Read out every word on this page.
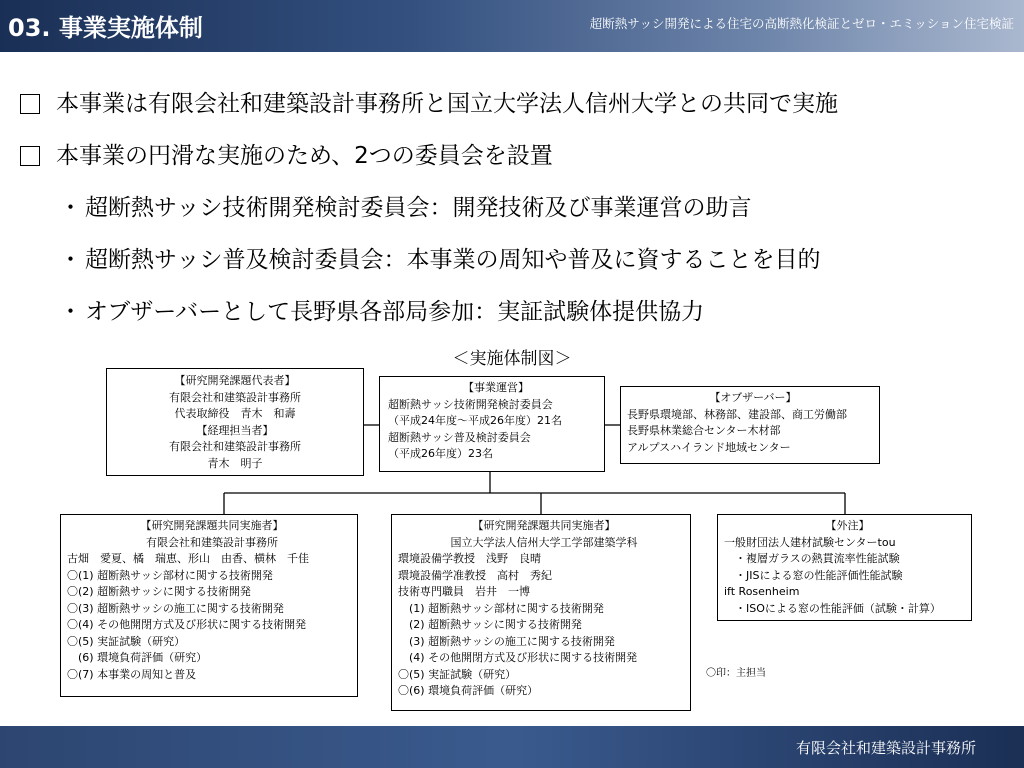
03. 事業実施体制	超断熱サッシ開発による住宅の高断熱化検証とゼロ・エミッション住宅検証
本事業は有限会社和建築設計事務所と国立大学法人信州大学との共同で実施
本事業の円滑な実施のため、2つの委員会を設置
・ 超断熱サッシ技術開発検討委員会：開発技術及び事業運営の助言
・ 超断熱サッシ普及検討委員会：本事業の周知や普及に資することを目的
・ オブザーバーとして長野県各部局参加：実証試験体提供協力
＜実施体制図＞
【研究開発課題代表者】
有限会社和建築設計事務所
代表取締役　青木　和壽
【経理担当者】
有限会社和建築設計事務所
青木　明子
【事業運営】
超断熱サッシ技術開発検討委員会
（平成24年度～平成26年度）21名
超断熱サッシ普及検討委員会
（平成26年度）23名
【オブザーバー】
長野県環境部、林務部、建設部、商工労働部
長野県林業総合センター木材部
アルプスハイランド地域センター
【研究開発課題共同実施者】
有限会社和建築設計事務所
古畑　愛夏、橘　瑞恵、形山　由香、横林　千佳
〇(1) 超断熱サッシ部材に関する技術開発
〇(2) 超断熱サッシに関する技術開発
〇(3) 超断熱サッシの施工に関する技術開発
〇(4) その他開閉方式及び形状に関する技術開発
〇(5) 実証試験（研究）
　(6) 環境負荷評価（研究）
〇(7) 本事業の周知と普及
【研究開発課題共同実施者】
国立大学法人信州大学工学部建築学科
環境設備学教授　浅野　良晴
環境設備学准教授　高村　秀紀
技術専門職員　岩井　一博
　(1) 超断熱サッシ部材に関する技術開発
　(2) 超断熱サッシに関する技術開発
　(3) 超断熱サッシの施工に関する技術開発
　(4) その他開閉方式及び形状に関する技術開発
〇(5) 実証試験（研究）
〇(6) 環境負荷評価（研究）
【外注】
一般財団法人建材試験センターtou
　・複層ガラスの熱貫流率性能試験
　・JISによる窓の性能評価性能試験
ift Rosenheim
　・ISOによる窓の性能評価（試験・計算）
〇印：主担当
有限会社和建築設計事務所
